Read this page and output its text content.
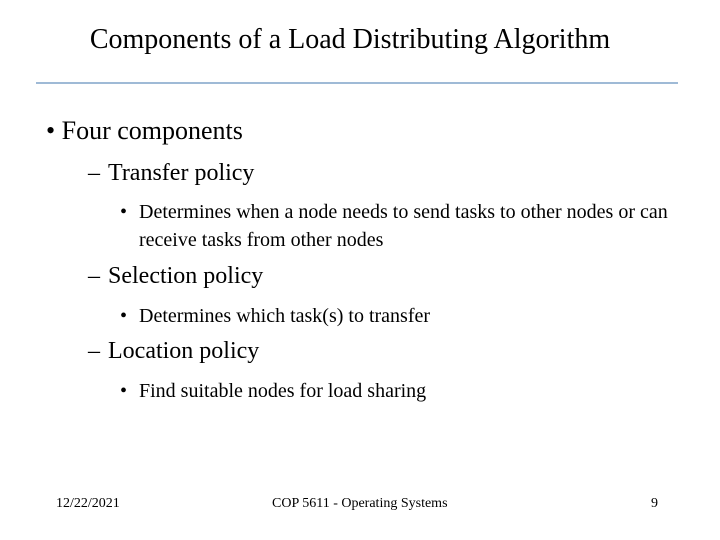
Components of a Load Distributing Algorithm
• Four components
– Transfer policy
• Determines when a node needs to send tasks to other nodes or can receive tasks from other nodes
– Selection policy
• Determines which task(s) to transfer
– Location policy
• Find suitable nodes for load sharing
12/22/2021	COP 5611 - Operating Systems	9
